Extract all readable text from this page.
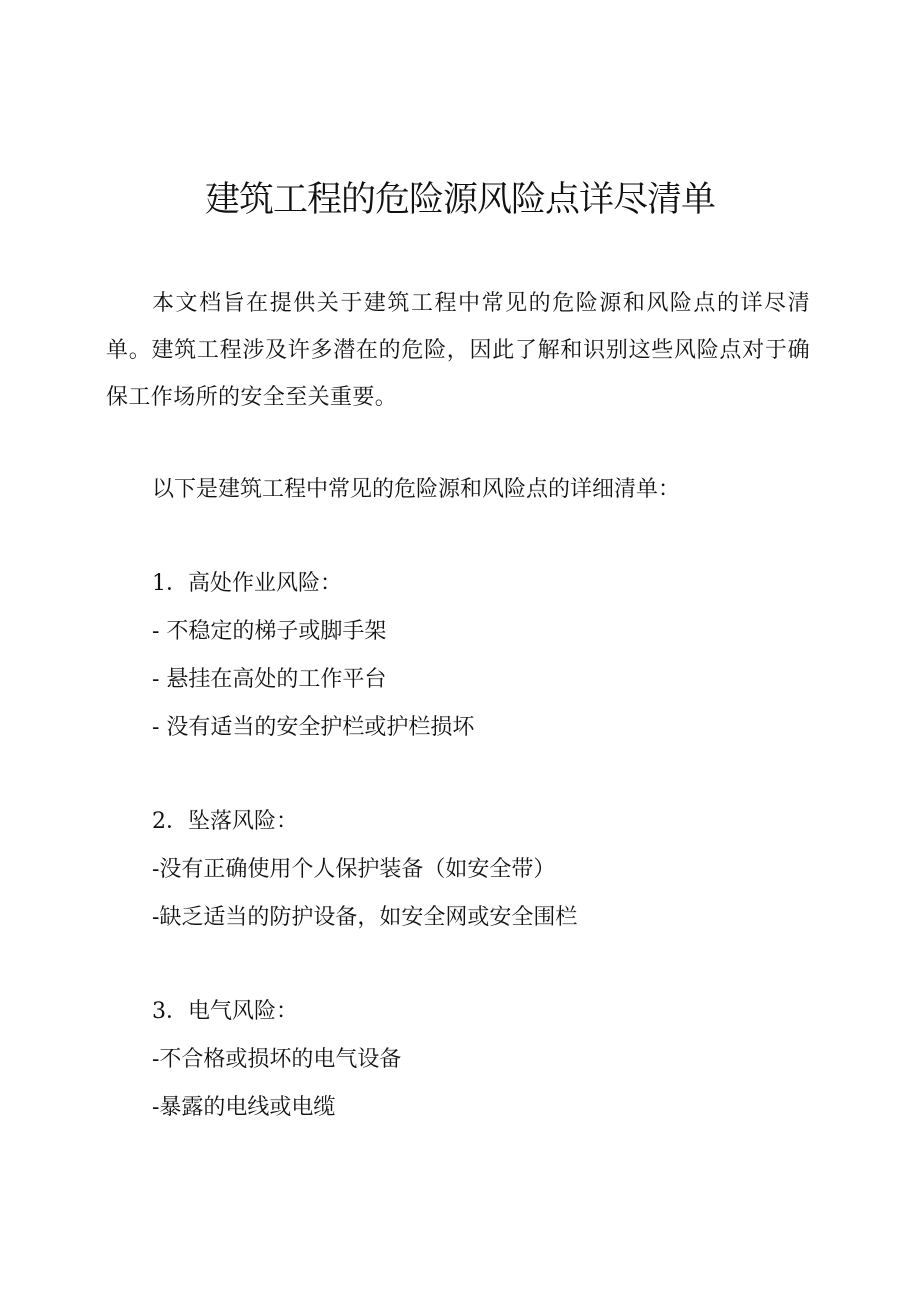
建筑工程的危险源风险点详尽清单

本文档旨在提供关于建筑工程中常见的危险源和风险点的详尽清单。建筑工程涉及许多潜在的危险，因此了解和识别这些风险点对于确保工作场所的安全至关重要。

以下是建筑工程中常见的危险源和风险点的详细清单：

1．高处作业风险：
- 不稳定的梯子或脚手架
- 悬挂在高处的工作平台
- 没有适当的安全护栏或护栏损坏
2．坠落风险：
-没有正确使用个人保护装备（如安全带）
-缺乏适当的防护设备，如安全网或安全围栏
3．电气风险：
-不合格或损坏的电气设备
-暴露的电线或电缆
